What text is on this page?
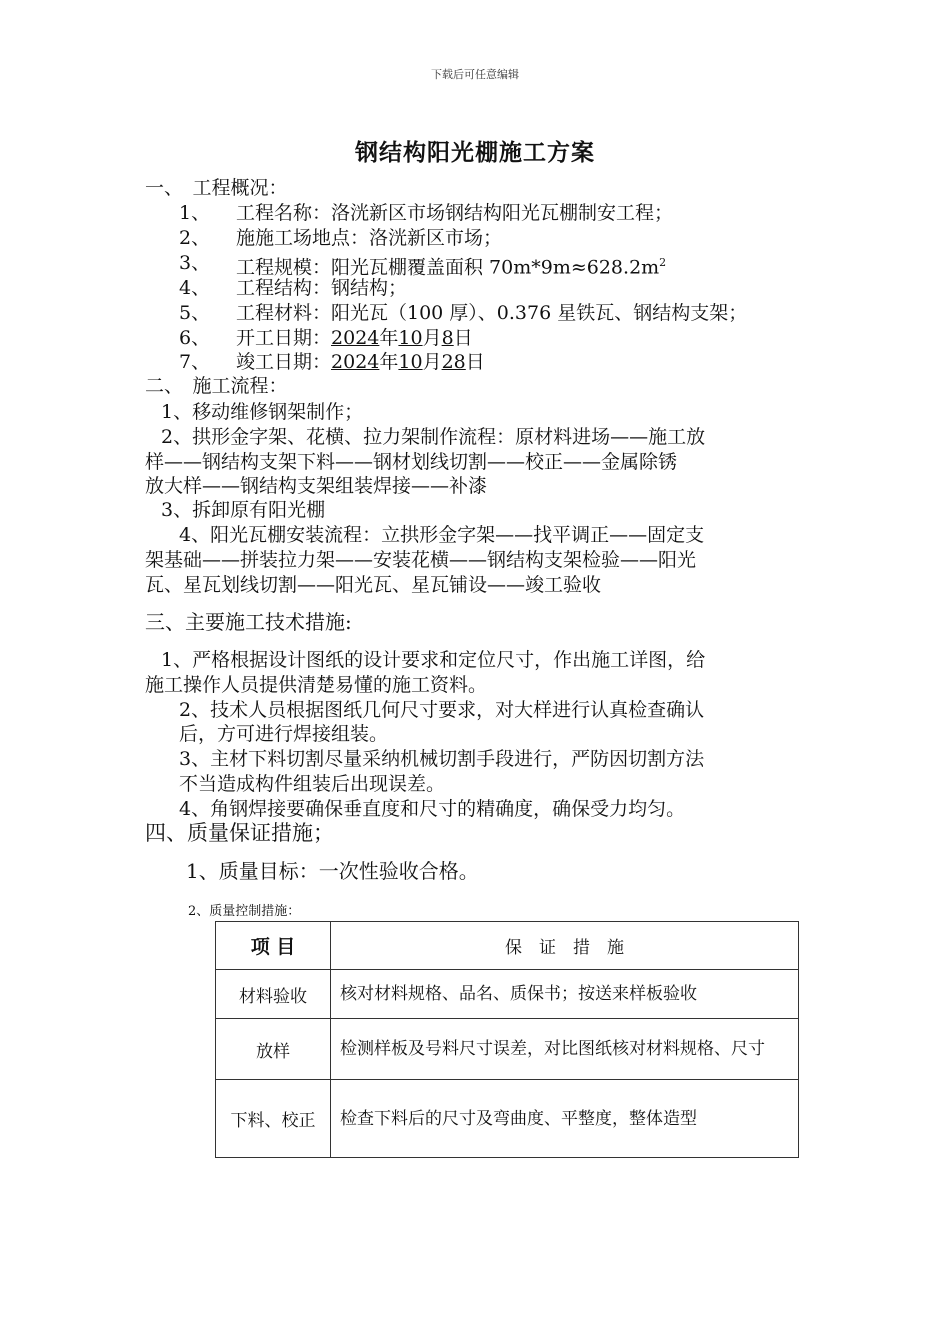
下载后可任意编辑
钢结构阳光棚施工方案
一、　工程概况：
1、 工程名称：洛洸新区市场钢结构阳光瓦棚制安工程；
2、 施施工场地点：洛洸新区市场；
3、 工程规模：阳光瓦棚覆盖面积 $70m*9m\approx 628.2m^2$
4、 工程结构：钢结构；
5、 工程材料：阳光瓦（100 厚）、0.376 星铁瓦、钢结构支架；
6、 开工日期：2024年10月8日
7、 竣工日期：2024年10月28日
二、　施工流程：
1、移动维修钢架制作；
2、拱形金字架、花横、拉力架制作流程：原材料进场——施工放
样——钢结构支架下料——钢材划线切割——校正——金属除锈
放大样——钢结构支架组装焊接——补漆
3、拆卸原有阳光棚
4、阳光瓦棚安装流程：立拱形金字架——找平调正——固定支
架基础——拼装拉力架——安装花横——钢结构支架检验——阳光
瓦、星瓦划线切割——阳光瓦、星瓦铺设——竣工验收
三、主要施工技术措施:
1、严格根据设计图纸的设计要求和定位尺寸，作出施工详图，给
施工操作人员提供清楚易懂的施工资料。
2、技术人员根据图纸几何尺寸要求，对大样进行认真检查确认
后，方可进行焊接组装。
3、主材下料切割尽量采纳机械切割手段进行，严防因切割方法
不当造成构件组装后出现误差。
4、角钢焊接要确保垂直度和尺寸的精确度，确保受力均匀。
四、质量保证措施；
1、质量目标：一次性验收合格。
2、质量控制措施：
项 目	保　证　措　施
材料验收	核对材料规格、品名、质保书；按送来样板验收
放样	检测样板及号料尺寸误差，对比图纸核对材料规格、尺寸
下料、校正	检查下料后的尺寸及弯曲度、平整度，整体造型
